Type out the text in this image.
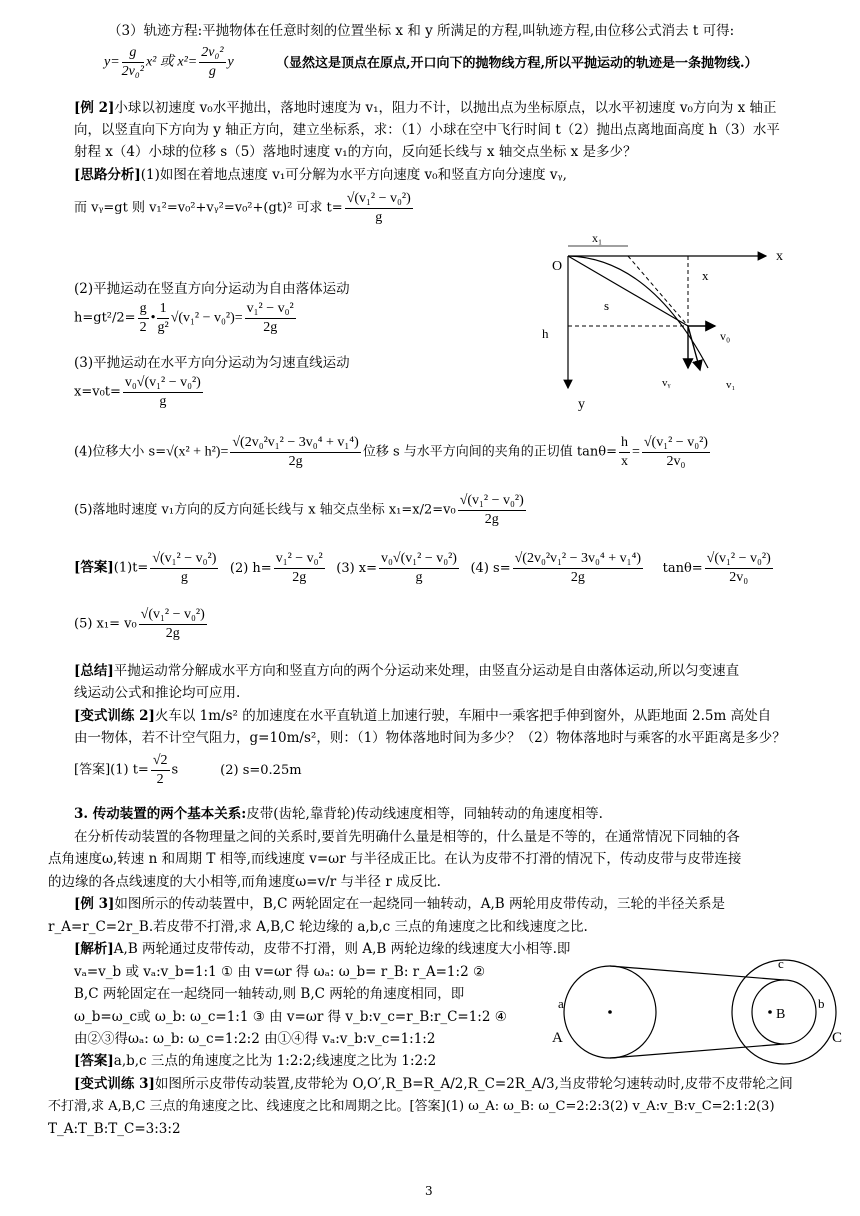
（3）轨迹方程:平抛物体在任意时刻的位置坐标 x 和 y 所满足的方程,叫轨迹方程,由位移公式消去 t 可得:
$y= \frac{g}{\text{2v₀²}} x^2$ 或 $x^2= \frac{\text{2v₀²}}{g}$ y	（显然这是顶点在原点,开口向下的抛物线方程,所以平抛运动的轨迹是一条抛物线.）
[例 2]小球以初速度 v₀水平抛出，落地时速度为 v₁，阻力不计，以抛出点为坐标原点，以水平初速度 v₀方向为 x 轴正
向，以竖直向下方向为 y 轴正方向，建立坐标系，求：（1）小球在空中飞行时间 t（2）抛出点离地面高度 h（3）水平
射程 x（4）小球的位移 s（5）落地时速度 v₁的方向，反向延长线与 x 轴交点坐标 x 是多少？
[思路分析](1)如图在着地点速度 v₁可分解为水平方向速度 v₀和竖直方向分速度 vᵧ,
而 vᵧ=gt 则 v₁²=v₀²+vᵧ²=v₀²+(gt)² 可求 $t= \frac{\text{√(v₁² − v₀²)}}{g}$
(2)平抛运动在竖直方向分运动为自由落体运动
$h=gt^2/2= \frac{g}{2}$ • $\frac{1}{\text{g²}} √(v_1^2 - v_0^2)= \frac{\text{v₁² − v₀²}}{2g}$
(3)平抛运动在水平方向分运动为匀速直线运动
$x=v_0t= \frac{\text{v₀√(v₁² − v₀²)}}{g}$
(4)位移大小 $s=√(x^2 + h^2)= \frac{\text{√(2v₀²v₁² − 3v₀⁴ + v₁⁴)}}{2g}$ 位移 s 与水平方向间的夹角的正切值 $\tan\theta= \frac{h}{x} = \frac{\text{√(v₁² − v₀²)}}{\text{2v₀}}$
(5)落地时速度 v₁方向的反方向延长线与 x 轴交点坐标 $x_1=x/2=v_0 \frac{\text{√(v₁² − v₀²)}}{2g}$
[答案]$(1)t= \frac{\text{√(v₁² − v₀²)}}{g} (2)$ $h= \frac{\text{v₁² − v₀²}}{2g} (3)$ $x= \frac{\text{v₀√(v₁² − v₀²)}}{g} (4)$ $s= \frac{\text{√(2v₀²v₁² − 3v₀⁴ + v₁⁴)}}{2g} \tan\theta= \frac{\text{√(v₁² − v₀²)}}{\text{2v₀}}$
(5) $x_1= v_0 \frac{\text{√(v₁² − v₀²)}}{2g}$
[总结]平抛运动常分解成水平方向和竖直方向的两个分运动来处理，由竖直分运动是自由落体运动,所以匀变速直
线运动公式和推论均可应用.
[变式训练 2]火车以 1m/s² 的加速度在水平直轨道上加速行驶，车厢中一乘客把手伸到窗外，从距地面 2.5m 高处自
由一物体，若不计空气阻力，g=10m/s²，则：（1）物体落地时间为多少？（2）物体落地时与乘客的水平距离是多少？
[答案](1) $t= \frac{√2}{2}$ s	(2) s=0.25m
3. 传动装置的两个基本关系:皮带(齿轮,靠背轮)传动线速度相等，同轴转动的角速度相等.
在分析传动装置的各物理量之间的关系时,要首先明确什么量是相等的，什么量是不等的，在通常情况下同轴的各
点角速度ω,转速 n 和周期 T 相等,而线速度 v=ωr 与半径成正比。在认为皮带不打滑的情况下，传动皮带与皮带连接
的边缘的各点线速度的大小相等,而角速度ω=v/r 与半径 r 成反比.
[例 3]如图所示的传动装置中，B,C 两轮固定在一起绕同一轴转动，A,B 两轮用皮带传动，三轮的半径关系是
r_A=r_C=2r_B.若皮带不打滑,求 A,B,C 轮边缘的 a,b,c 三点的角速度之比和线速度之比.
[解析]A,B 两轮通过皮带传动，皮带不打滑，则 A,B 两轮边缘的线速度大小相等.即
vₐ=v_b 或 vₐ:v_b=1:1 ① 由 v=ωr 得 ωₐ: ω_b= r_B: r_A=1:2 ②
B,C 两轮固定在一起绕同一轴转动,则 B,C 两轮的角速度相同，即
ω_b=ω_c或 ω_b: ω_c=1:1 ③ 由 v=ωr 得 v_b:v_c=r_B:r_C=1:2 ④
由②③得ωₐ: ω_b: ω_c=1:2:2 由①④得 vₐ:v_b:v_c=1:1:2
[答案]a,b,c 三点的角速度之比为 1:2:2;线速度之比为 1:2:2
[变式训练 3]如图所示皮带传动装置,皮带轮为 O,O′,R_B=R_A/2,R_C=2R_A/3,当皮带轮匀速转动时,皮带不皮带轮之间
不打滑,求 A,B,C 三点的角速度之比、线速度之比和周期之比。[答案](1) ω_A: ω_B: ω_C=2:2:3(2) v_A:v_B:v_C=2:1:2(3)
T_A:T_B:T_C=3:3:2
O
x
y
x₁
x
s
h	v₀
vᵧ	v₁
a
A
b
B
c
C
3
